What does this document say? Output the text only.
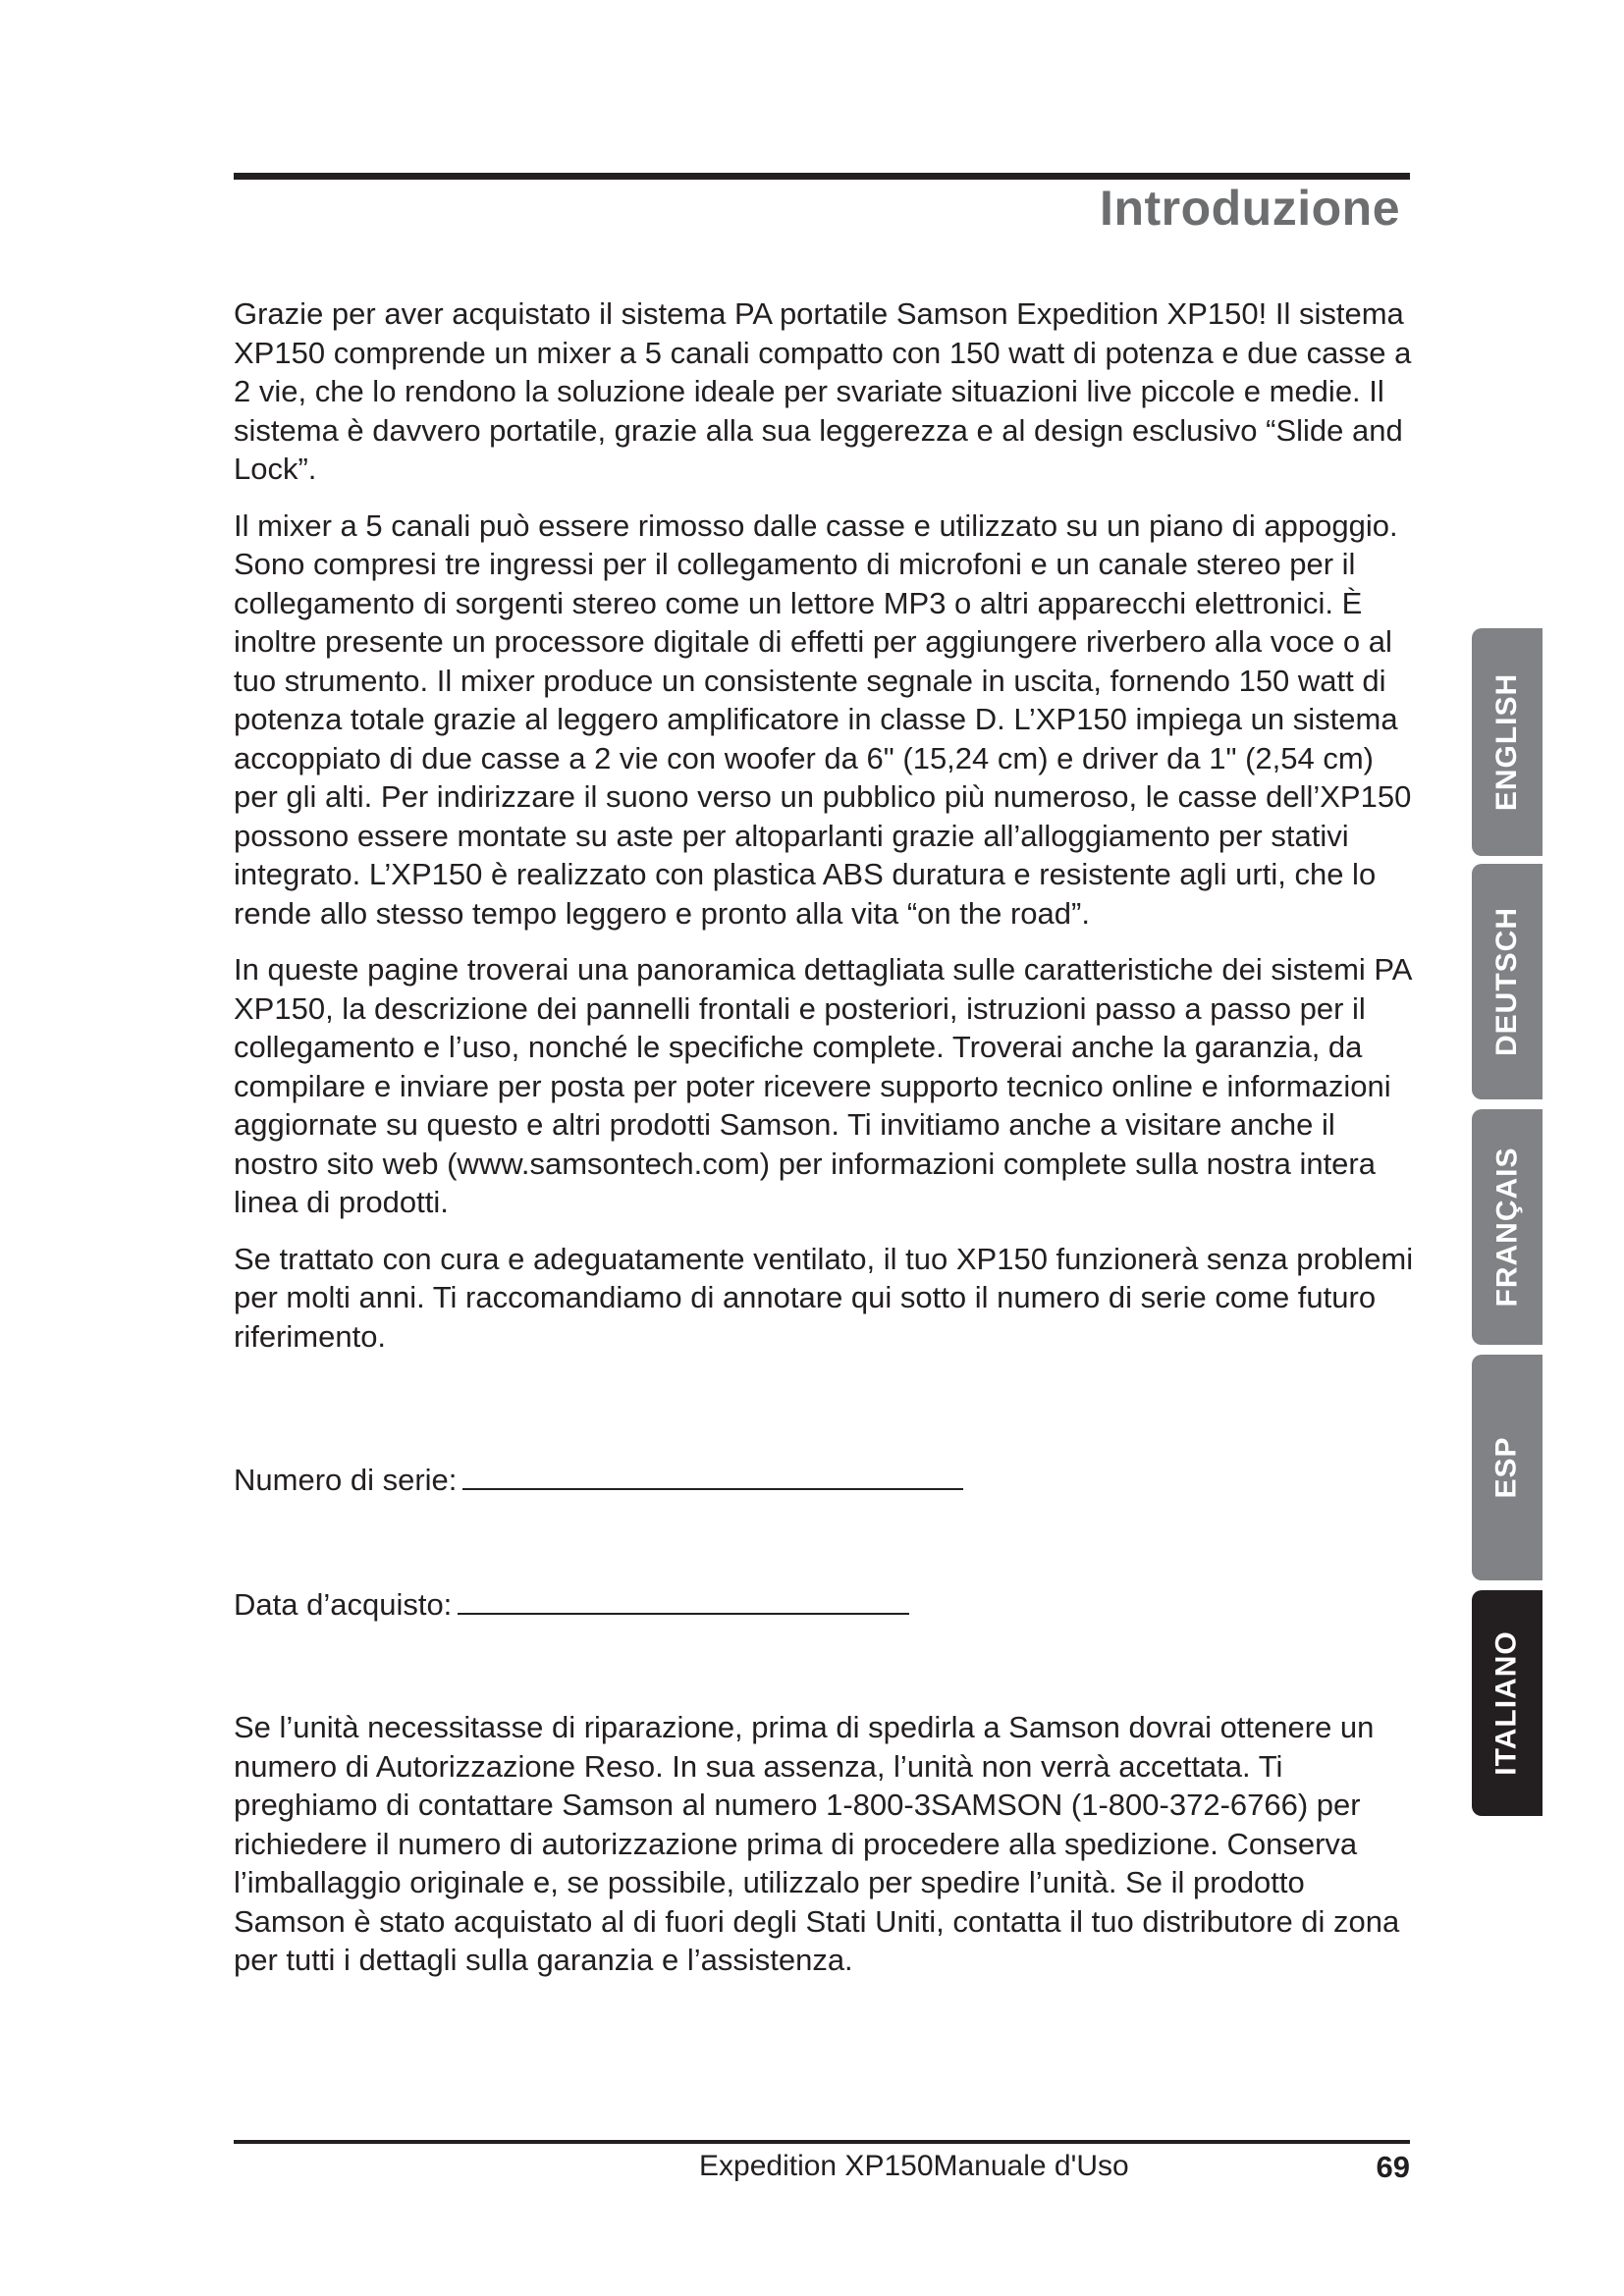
Introduzione

Grazie per aver acquistato il sistema PA portatile Samson Expedition XP150! Il sistema XP150 comprende un mixer a 5 canali compatto con 150 watt di potenza e due casse a 2 vie, che lo rendono la soluzione ideale per svariate situazioni live piccole e medie. Il sistema è davvero portatile, grazie alla sua leggerezza e al design esclusivo “Slide and Lock”.

Il mixer a 5 canali può essere rimosso dalle casse e utilizzato su un piano di appoggio. Sono compresi tre ingressi per il collegamento di microfoni e un canale stereo per il collegamento di sorgenti stereo come un lettore MP3 o altri apparecchi elettronici. È inoltre presente un processore digitale di effetti per aggiungere riverbero alla voce o al tuo strumento. Il mixer produce un consistente segnale in uscita, fornendo 150 watt di potenza totale grazie al leggero amplificatore in classe D. L’XP150 impiega un sistema accoppiato di due casse a 2 vie con woofer da 6" (15,24 cm) e driver da 1" (2,54 cm) per gli alti. Per indirizzare il suono verso un pubblico più numeroso, le casse dell’XP150 possono essere montate su aste per altoparlanti grazie all’alloggiamento per stativi integrato. L’XP150 è realizzato con plastica ABS duratura e resistente agli urti, che lo rende allo stesso tempo leggero e pronto alla vita “on the road”.

In queste pagine troverai una panoramica dettagliata sulle caratteristiche dei sistemi PA XP150, la descrizione dei pannelli frontali e posteriori, istruzioni passo a passo per il collegamento e l’uso, nonché le specifiche complete. Troverai anche la garanzia, da compilare e inviare per posta per poter ricevere supporto tecnico online e informazioni aggiornate su questo e altri prodotti Samson. Ti invitiamo anche a visitare anche il nostro sito web (www.samsontech.com) per informazioni complete sulla nostra intera linea di prodotti.

Se trattato con cura e adeguatamente ventilato, il tuo XP150 funzionerà senza problemi per molti anni. Ti raccomandiamo di annotare qui sotto il numero di serie come futuro riferimento.

Numero di serie:
Data d’acquisto:

Se l’unità necessitasse di riparazione, prima di spedirla a Samson dovrai ottenere un numero di Autorizzazione Reso. In sua assenza, l’unità non verrà accettata. Ti preghiamo di contattare Samson al numero 1-800-3SAMSON (1-800-372-6766) per richiedere il numero di autorizzazione prima di procedere alla spedizione. Conserva l’imballaggio originale e, se possibile, utilizzalo per spedire l’unità. Se il prodotto Samson è stato acquistato al di fuori degli Stati Uniti, contatta il tuo distributore di zona per tutti i dettagli sulla garanzia e l’assistenza.

Expedition XP150Manuale d'Uso	69
ENGLISH
DEUTSCH
FRANÇAIS
ESP
ITALIANO
